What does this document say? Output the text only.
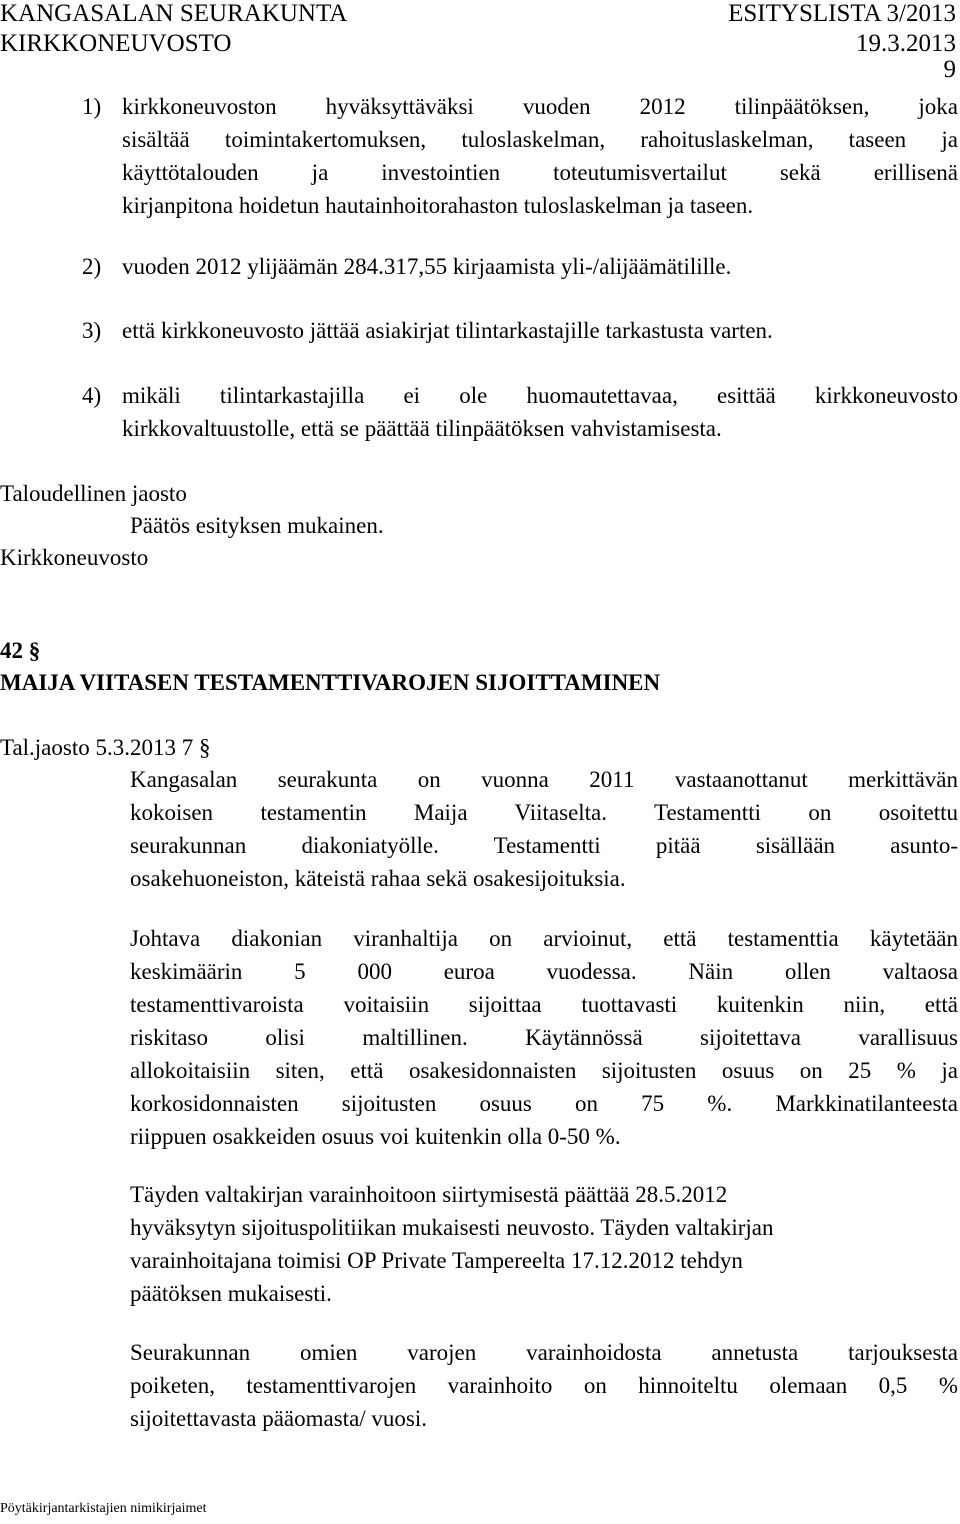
KANGASALAN SEURAKUNTA	ESITYSLISTA 3/2013
KIRKKONEUVOSTO	19.3.2013
9
1) kirkkoneuvoston hyväksyttäväksi vuoden 2012 tilinpäätöksen, joka
sisältää toimintakertomuksen, tuloslaskelman, rahoituslaskelman, taseen ja
käyttötalouden ja investointien toteutumisvertailut sekä erillisenä
kirjanpitona hoidetun hautainhoitorahaston tuloslaskelman ja taseen.
2) vuoden 2012 ylijäämän 284.317,55 kirjaamista yli-/alijäämätilille.
3) että kirkkoneuvosto jättää asiakirjat tilintarkastajille tarkastusta varten.
4) mikäli tilintarkastajilla ei ole huomautettavaa, esittää kirkkoneuvosto
kirkkovaltuustolle, että se päättää tilinpäätöksen vahvistamisesta.
Taloudellinen jaosto
Päätös esityksen mukainen.
Kirkkoneuvosto
42 §
MAIJA VIITASEN TESTAMENTTIVAROJEN SIJOITTAMINEN
Tal.jaosto 5.3.2013 7 §
Kangasalan seurakunta on vuonna 2011 vastaanottanut merkittävän
kokoisen testamentin Maija Viitaselta. Testamentti on osoitettu
seurakunnan diakoniatyölle. Testamentti pitää sisällään asunto-
osakehuoneiston, käteistä rahaa sekä osakesijoituksia.
Johtava diakonian viranhaltija on arvioinut, että testamenttia käytetään
keskimäärin 5 000 euroa vuodessa. Näin ollen valtaosa
testamenttivaroista voitaisiin sijoittaa tuottavasti kuitenkin niin, että
riskitaso olisi maltillinen. Käytännössä sijoitettava varallisuus
allokoitaisiin siten, että osakesidonnaisten sijoitusten osuus on 25 % ja
korkosidonnaisten sijoitusten osuus on 75 %. Markkinatilanteesta
riippuen osakkeiden osuus voi kuitenkin olla 0-50 %.
Täyden valtakirjan varainhoitoon siirtymisestä päättää 28.5.2012
hyväksytyn sijoituspolitiikan mukaisesti neuvosto. Täyden valtakirjan
varainhoitajana toimisi OP Private Tampereelta 17.12.2012 tehdyn
päätöksen mukaisesti.
Seurakunnan omien varojen varainhoidosta annetusta tarjouksesta
poiketen, testamenttivarojen varainhoito on hinnoiteltu olemaan 0,5 %
sijoitettavasta pääomasta/ vuosi.
Pöytäkirjantarkistajien nimikirjaimet
